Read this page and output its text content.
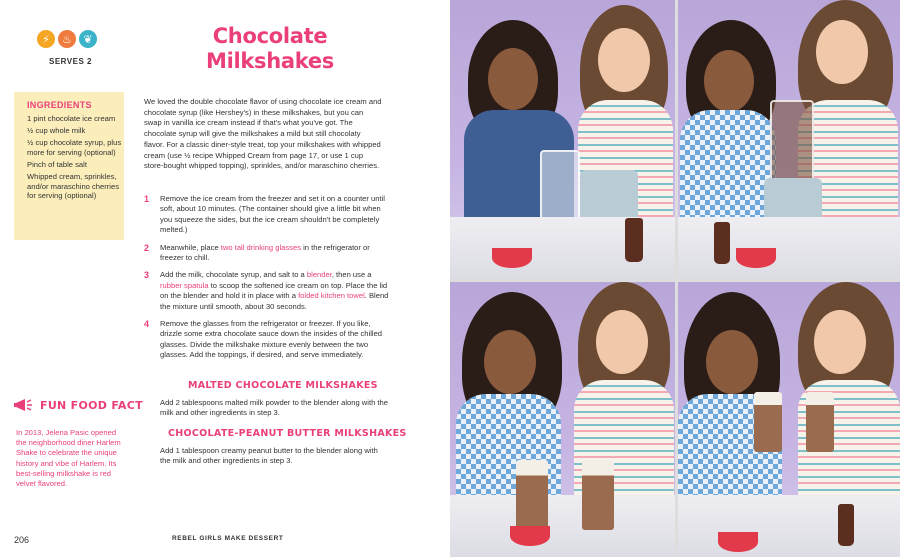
⚡	♨	❦
SERVES 2
Chocolate
Milkshakes
INGREDIENTS

1 pint chocolate ice cream

½ cup whole milk

½ cup chocolate syrup, plus more for serving (optional)

Pinch of table salt

Whipped cream, sprinkles, and/or maraschino cherries for serving (optional)

We loved the double chocolate flavor of using chocolate ice cream and chocolate syrup (like Hershey's) in these milkshakes, but you can swap in vanilla ice cream instead if that's what you've got. The chocolate syrup will give the milkshakes a mild but still chocolaty flavor. For a classic diner-style treat, top your milkshakes with whipped cream (use ½ recipe Whipped Cream from page 17, or use 1 cup store-bought whipped topping), sprinkles, and/or maraschino cherries.
1 Remove the ice cream from the freezer and set it on a counter until soft, about 10 minutes. (The container should give a little bit when you squeeze the sides, but the ice cream shouldn't be completely melted.)
2 Meanwhile, place two tall drinking glasses in the refrigerator or freezer to chill.
3 Add the milk, chocolate syrup, and salt to a blender, then use a rubber spatula to scoop the softened ice cream on top. Place the lid on the blender and hold it in place with a folded kitchen towel. Blend the mixture until smooth, about 30 seconds.
4 Remove the glasses from the refrigerator or freezer. If you like, drizzle some extra chocolate sauce down the insides of the chilled glasses. Divide the milkshake mixture evenly between the two glasses. Add the toppings, if desired, and serve immediately.
MALTED CHOCOLATE MILKSHAKES
Add 2 tablespoons malted milk powder to the blender along with the milk and other ingredients in step 3.
CHOCOLATE-PEANUT BUTTER MILKSHAKES
Add 1 tablespoon creamy peanut butter to the blender along with the milk and other ingredients in step 3.
FUN FOOD FACT
In 2013, Jelena Pasic opened the neighborhood diner Harlem Shake to celebrate the unique history and vibe of Harlem. Its best-selling milkshake is red velvet flavored.
206	REBEL GIRLS MAKE DESSERT
